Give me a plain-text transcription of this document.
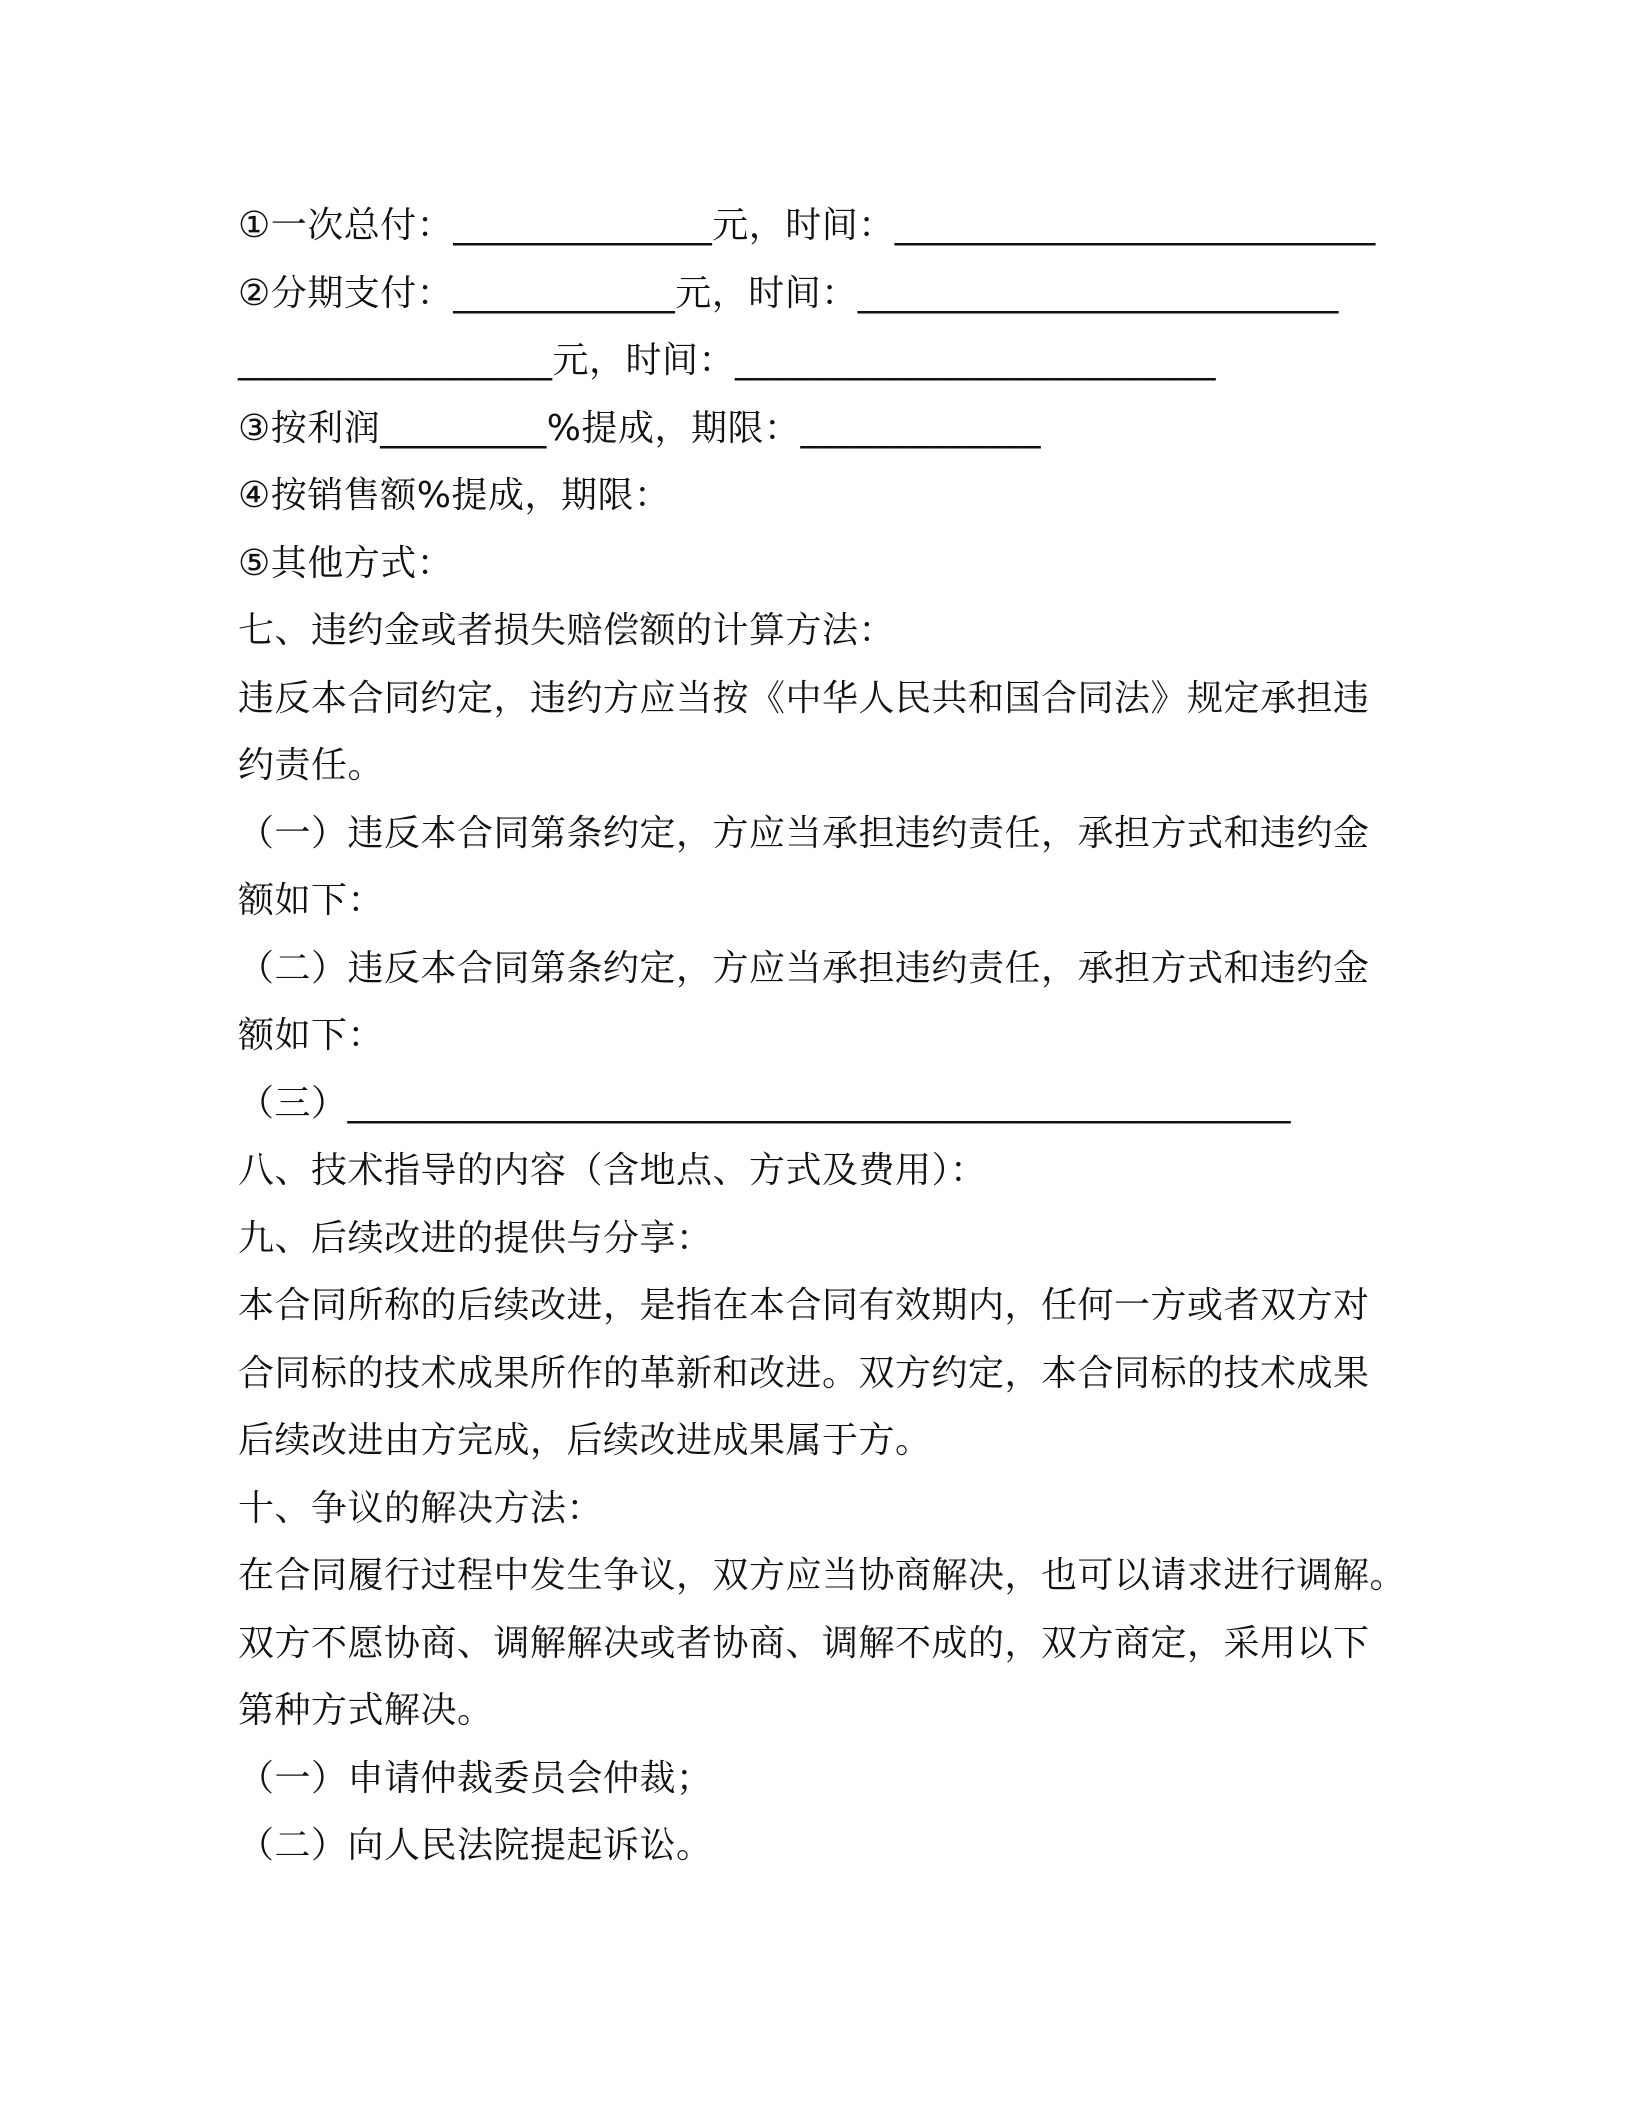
①一次总付：______________元，时间：__________________________
②分期支付：____________元，时间：__________________________
_________________元，时间：__________________________
③按利润_________%提成，期限：_____________
④按销售额%提成，期限：
⑤其他方式：
七、违约金或者损失赔偿额的计算方法：
违反本合同约定，违约方应当按《中华人民共和国合同法》规定承担违
约责任。
（一）违反本合同第条约定，方应当承担违约责任，承担方式和违约金
额如下：
（二）违反本合同第条约定，方应当承担违约责任，承担方式和违约金
额如下：
（三）___________________________________________________
八、技术指导的内容（含地点、方式及费用）：
九、后续改进的提供与分享：
本合同所称的后续改进，是指在本合同有效期内，任何一方或者双方对
合同标的技术成果所作的革新和改进。双方约定，本合同标的技术成果
后续改进由方完成，后续改进成果属于方。
十、争议的解决方法：
在合同履行过程中发生争议，双方应当协商解决，也可以请求进行调解。
双方不愿协商、调解解决或者协商、调解不成的，双方商定，采用以下
第种方式解决。
（一）申请仲裁委员会仲裁；
（二）向人民法院提起诉讼。
